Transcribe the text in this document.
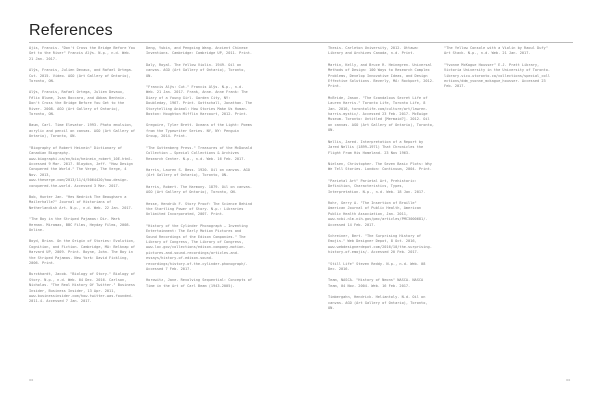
References

Ajis, Francis. "Don't Cross the Bridge Before You Get to the River" Francis Alÿs. N.p., n.d. Web. 21 Jan. 2017.

Alÿs, Francis, Julien Devaux, and Rafael Ortega. Cut. 2015. Video. AGO (Art Gallery of Ontario), Toronto, ON.

Alÿs, Francis, Rafael Ortega, Julien Devaux, Félix Blume, Ivan Boccara, and Abbas Benhnin. Don't Cross the Bridge Before You Get to the River. 2008. AGO (Art Gallery of Ontario), Toronto, ON.

Baum, Carl. Time Elevator. 1993. Photo emulsion, acrylic and pencil on canvas. AGO (Art Gallery of Ontario), Toronto, ON.

"Biography of Robert Heinein" Dictionary of Canadian Biography. www.biographi.ca/en/bio/heinein_robert_10E.html. Accessed 9 Mar. 2017. Blaydon, Jeff. "How Design Conquered the World." The Verge, The Verge, 4 Nov. 2013, www.theverge.com/2013/11/4/5064420/how-design-conquered-the-world. Accessed 3 Mar. 2017.

Bob, Hunter Jan. "Hes Nedrick The Beaugharn a Mailerhalle?" Journal of Historians of Netherlandish Art. N.p., n.d. Web. 22 Jan. 2017.

"The Boy in the Striped Pajamas: Dir. Mark Herman. Miramax, BBC Films, Heyday Films, 2008. Online.

Boyd, Brian. On the Origin of Stories: Evolution, Cognition, and Fiction. Cambridge, MA: Belknap of Harvard UP, 2009. Print. Boyne, John. The Boy in the Striped Pajamas. New York: David Fickling, 2006. Print.

Burckhardt, Jacob. "Biology of Story." Biology of Story. N.p., n.d. Web. 04 Dec. 2016. Carlson, Nicholas. "The Real History Of Twitter." Business Insider, Business Insider, 13 Apr. 2011, www.businessinsider.com/how-twitter-was-founded-2011-4. Accessed 7 Jan. 2017.

Deng, Yubin, and Pengxing Wang. Ancient Chinese Inventions. Cambridge: Cambridge UP, 2011. Print.

Daly, Royal. The Yellow Violin. 1949. Oil on canvas. AGO (Art Gallery of Ontario), Toronto, ON.

"Francis Alÿs: Cut." Francis Alÿs. N.p., n.d. Web. 21 Jan. 2017. Frank, Anne. Anne Frank: The Diary of a Young Girl. Garden City, NY: Doubleday, 1967. Print. Gottschall, Jonathan. The Storytelling Animal: How Stories Make Us Human. Boston: Houghton Mifflin Harcourt, 2012. Print.

Gregoire, Tyler Brett. Oceans of the Light: Poems from the Typewriter Series. NY, NY: Penguin Group, 2014. Print.

"The Guttenberg Press." Treasures of the McDonald Collection – Special Collections & Archives Research Center. N.p., n.d. Web. 16 Feb. 2017.

Harris, Lauren S. Bess. 1920. Oil on canvas. AGO (Art Gallery of Ontario), Toronto, ON.

Harris, Robert. The Harmony. 1879. Oil on canvas. AGO (Art Gallery of Ontario), Toronto, ON.

Hesse, Hendrik F. Story Proof: The Science Behind the Startling Power of Story. N.p.: Libraries Unlimited Incorporated, 2007. Print.

"History of the Cylinder Phonograph – Inventing Entertainment: The Early Motion Pictures and Sound Recordings of the Edison Companies." The Library of Congress, The Library of Congress, www.loc.gov/collections/edison-company-motion-pictures-and-sound-recordings/articles-and-essays/history-of-edison-sound-recordings/history-of-the-cylinder-phonograph/. Accessed 7 Feb. 2017.

Horowitz, Jane. Revolving Sequential: Concepts of Time in the Art of Carl Beam (1943-2005).

Thesis. Carleton University, 2012. Ottawa: Library and Archives Canada, n.d. Print.

Martin, Kelly, and Bruce R. Heinegren. Universal Methods of Design: 100 Ways to Research Complex Problems, Develop Innovative Ideas, and Design Effective Solutions. Beverly, MA: Rockport, 2012. Print.

McBride, Jason. "The Scandalous Secret Life of Lauren Harris." Toronto Life, Toronto Life, 8 Jan. 2016, torontolife.com/culture/art/lawren-harris-mystic/. Accessed 23 Feb. 2017. McEwige Museum. Toronto: Untitled [Mermaid?]. 2012. Oil on canvas. AGO (Art Gallery of Ontario), Toronto, ON.

Nellis, Jared. Interpretation of a Report by Jared Nellis (1899–1971) That Chronicles the Flight From His Homeland. 23 Nov 1963.

Nielsen, Christopher. The Seven Basic Plots: Why We Tell Stories. London: Continuum, 2004. Print.

"Parietal Art" Parietal Art, Prehistoric: Definition, Characteristics, Types, Interpretation. N.p., n.d. Web. 18 Jan. 2017.

Rohr, Gerry A. "The Insertion of Braille" American Journal of Public Health, American Public Health Association, Jan. 2011, www.ncbi.nlm.nih.gov/pmc/articles/PMC3000681/. Accessed 14 Feb. 2017.

Schreiner, Bert. "The Surprising History of Emojis." Web Designer Depot, 8 Oct. 2016, www.webdesignerdepot.com/2016/10/the-surprising-history-of-emojis/. Accessed 20 Feb. 2017.

"Still Life" Steven Reddy. N.p., n.d. Web. 08 Dec. 2016.

Team, NASCA. "History of Neons" NASCA. NASCA Team, 04 Nov. 2004. Web. 16 Feb. 2017.

Timbergahn, Hendrick. Heliantoly. N.d. Oil on canvas. AGO (Art Gallery of Ontario), Toronto, ON.

"The Yellow Console with a Violin by Raoul Dufy" Art Stack. N.p., n.d. Web. 21 Jan. 2017.

"Yvonne McKague Housser" E.J. Pratt Library, Victoria University in the University of Toronto. library.vicu.utoronto.ca/collections/special_collections/ddm_yvonne_mckague_housser. Accessed 23 Feb. 2017.

xx	xx
